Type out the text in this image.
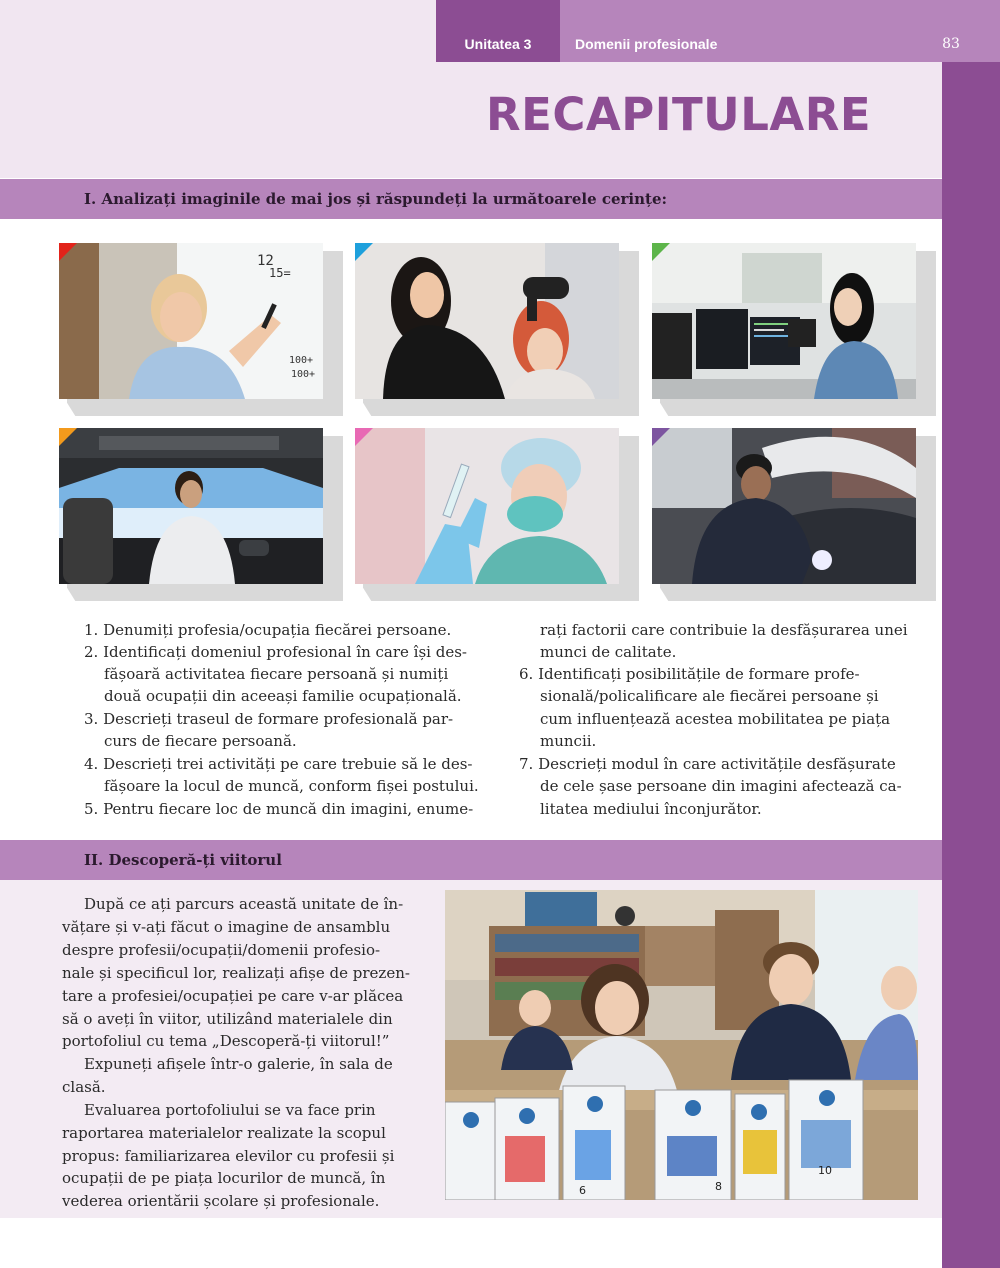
Unitatea 3	Domenii profesionale	83
RECAPITULARE
I. Analizați imaginile de mai jos și răspundeți la următoarele cerințe:
12
15=
100+
100+
1. Denumiți profesia/ocupația fiecărei persoane.
2. Identificați domeniul profesional în care își des-
fășoară activitatea fiecare persoană și numiți
două ocupații din aceeași familie ocupațională.
3. Descrieți traseul de formare profesională par-
curs de fiecare persoană.
4. Descrieți trei activități pe care trebuie să le des-
fășoare la locul de muncă, conform fișei postului.
5. Pentru fiecare loc de muncă din imagini, enume-
rați factorii care contribuie la desfășurarea unei
munci de calitate.
6. Identificați posibilitățile de formare profe-
sională/policalificare ale fiecărei persoane și
cum influențează acestea mobilitatea pe piața
muncii.
7. Descrieți modul în care activitățile desfășurate
de cele șase persoane din imagini afectează ca-
litatea mediului înconjurător.
II. Descoperă-ți viitorul
După ce ați parcurs această unitate de în-
vățare și v-ați făcut o imagine de ansamblu
despre profesii/ocupații/domenii profesio-
nale și specificul lor, realizați afișe de prezen-
tare a profesiei/ocupației pe care v-ar plăcea
să o aveți în viitor, utilizând materialele din
portofoliul cu tema „Descoperă-ți viitorul!”
Expuneți afișele într-o galerie, în sala de
clasă.
Evaluarea portofoliului se va face prin
raportarea materialelor realizate la scopul
propus: familiarizarea elevilor cu profesii și
ocupații de pe piața locurilor de muncă, în
vederea orientării școlare și profesionale.
8
6
10
